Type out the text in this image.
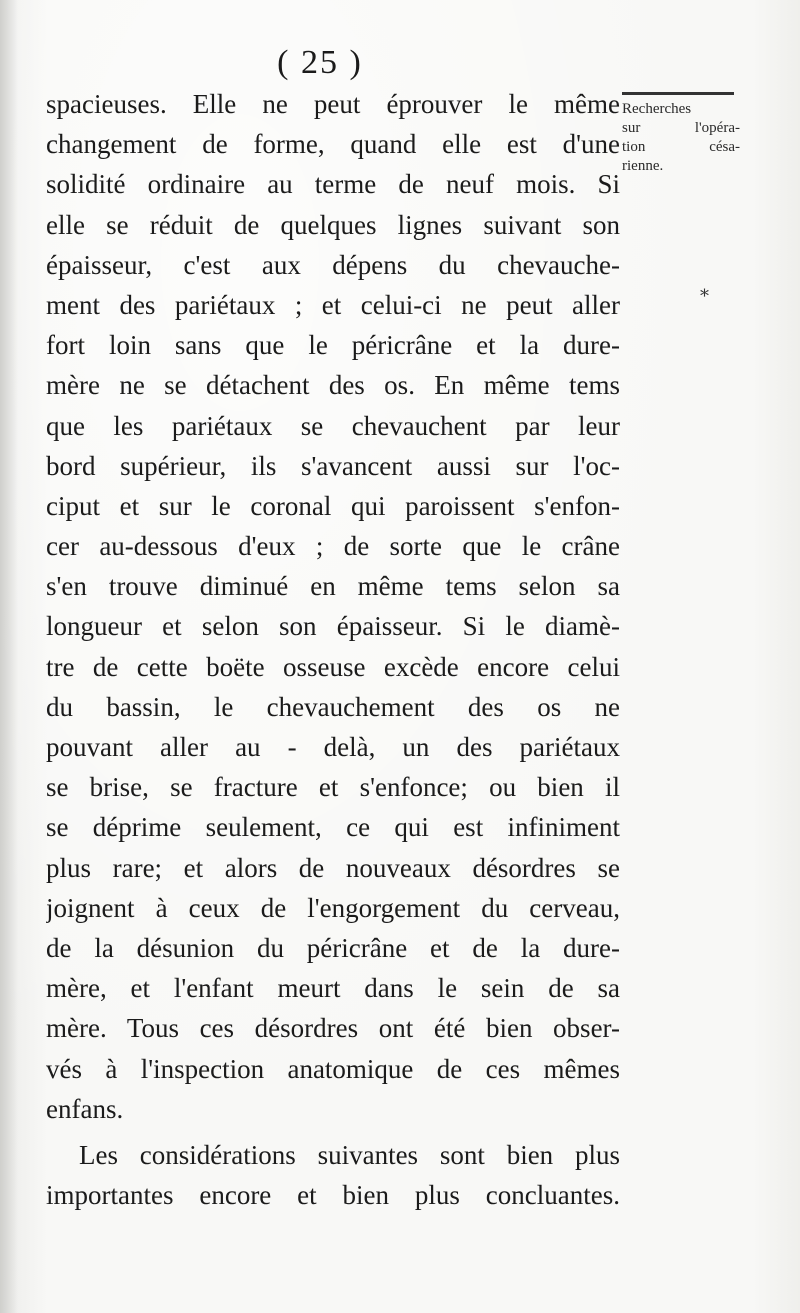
( 25 )
Recherches
sur l'opéra-
tion césa-
rienne.
*
spacieuses. Elle ne peut éprouver le même
changement de forme, quand elle est d'une
solidité ordinaire au terme de neuf mois. Si
elle se réduit de quelques lignes suivant son
épaisseur, c'est aux dépens du chevauche-
ment des pariétaux ; et celui-ci ne peut aller
fort loin sans que le péricrâne et la dure-
mère ne se détachent des os. En même tems
que les pariétaux se chevauchent par leur
bord supérieur, ils s'avancent aussi sur l'oc-
ciput et sur le coronal qui paroissent s'enfon-
cer au-dessous d'eux ; de sorte que le crâne
s'en trouve diminué en même tems selon sa
longueur et selon son épaisseur. Si le diamè-
tre de cette boëte osseuse excède encore celui
du bassin, le chevauchement des os ne
pouvant aller au - delà, un des pariétaux
se brise, se fracture et s'enfonce; ou bien il
se déprime seulement, ce qui est infiniment
plus rare; et alors de nouveaux désordres se
joignent à ceux de l'engorgement du cerveau,
de la désunion du péricrâne et de la dure-
mère, et l'enfant meurt dans le sein de sa
mère. Tous ces désordres ont été bien obser-
vés à l'inspection anatomique de ces mêmes
enfans.
Les considérations suivantes sont bien plus
importantes encore et bien plus concluantes.
